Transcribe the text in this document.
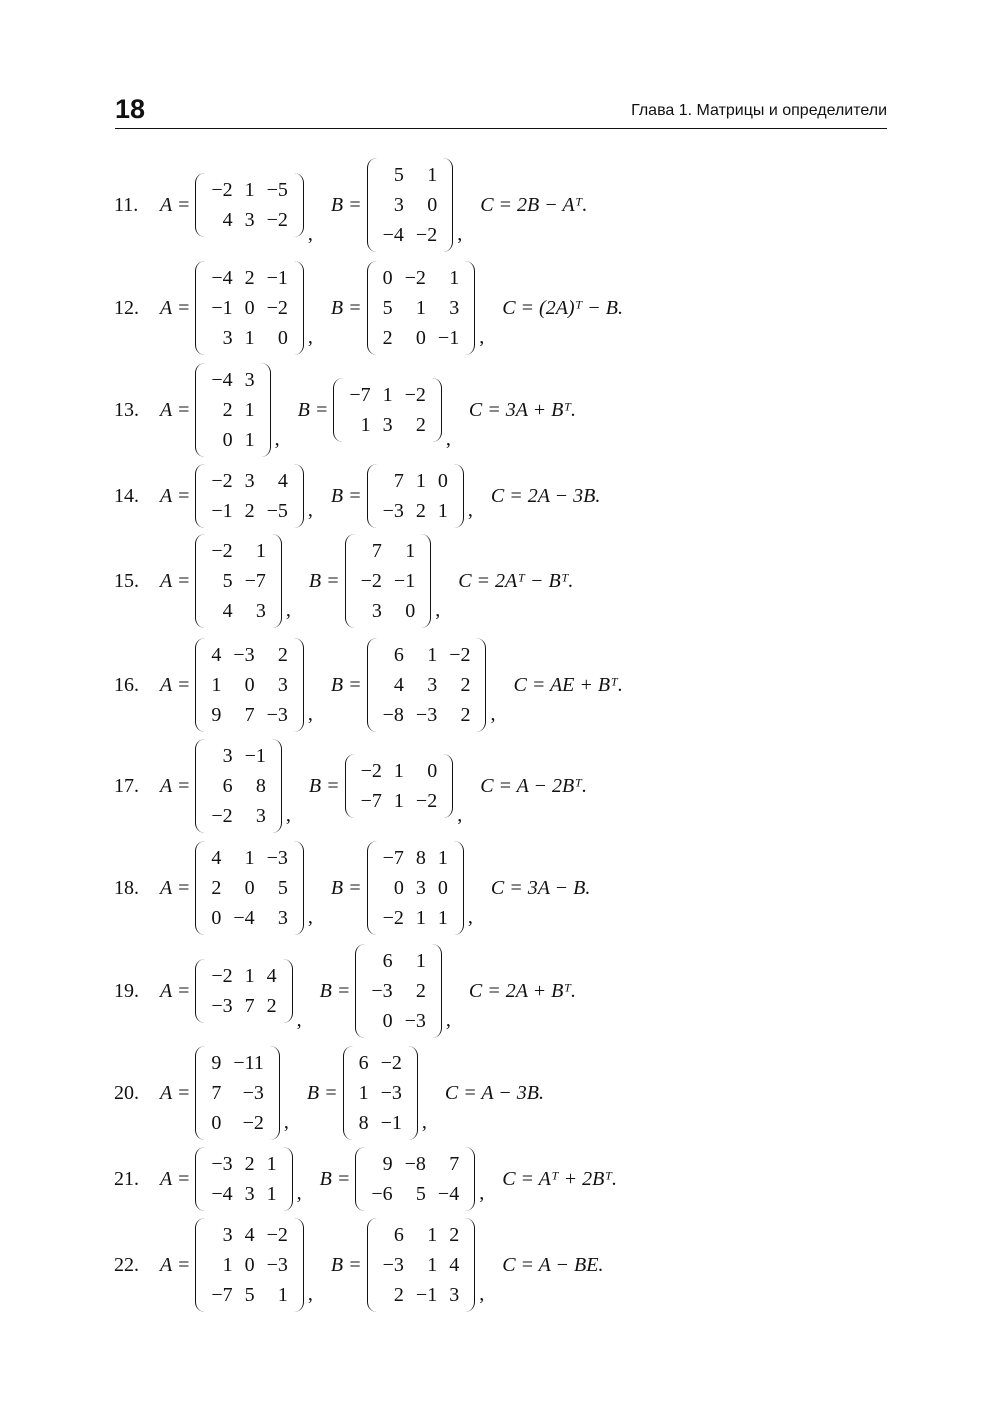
18	Глава 1. Матрицы и определители
11.	A =
−2 1 −5
4 3 −2
,
B =
5	1
3	0
−4 −2	,
C = 2B − Aᵀ.
12.	A =
−4 2 −1
−1 0 −2
3 1	0	,
B =
0 −2	1
5	1	3
2	0 −1	,
C = (2A)ᵀ − B.
13.	A =
−4 3
2 1
0 1	,
B =
−7 1 −2
1 3	2
,
C = 3A + Bᵀ.
14.	A =
−2 3	4
−1 2 −5	,
B =
7 1 0
−3 2 1	,
C = 2A − 3B.
15.	A =
−2	1
5 −7
4	3	,
B =
7	1
−2 −1
3	0	,
C = 2Aᵀ − Bᵀ.
16.	A =
4 −3	2
1	0	3
9	7 −3	,
B =
6	1 −2
4	3	2
−8 −3	2	,
C = AE + Bᵀ.
17.	A =
3 −1
6	8
−2	3	,
B =
−2 1	0
−7 1 −2
,
C = A − 2Bᵀ.
18.	A =
4	1 −3
2	0	5
0 −4	3	,
B =
−7 8 1
0 3 0
−2 1 1	,
C = 3A − B.
19.	A =
−2 1 4
−3 7 2
,
B =
6	1
−3	2
0 −3	,
C = 2A + Bᵀ.
20.	A =
9 −11
7	−3
0	−2	,
B =
6 −2
1 −3
8 −1	,
C = A − 3B.
21.	A =
−3 2 1
−4 3 1	,
B =
9 −8	7
−6	5 −4	,
C = Aᵀ + 2Bᵀ.
22.	A =
3 4 −2
1 0 −3
−7 5	1	,
B =
6	1 2
−3	1 4
2 −1 3	,
C = A − BE.
